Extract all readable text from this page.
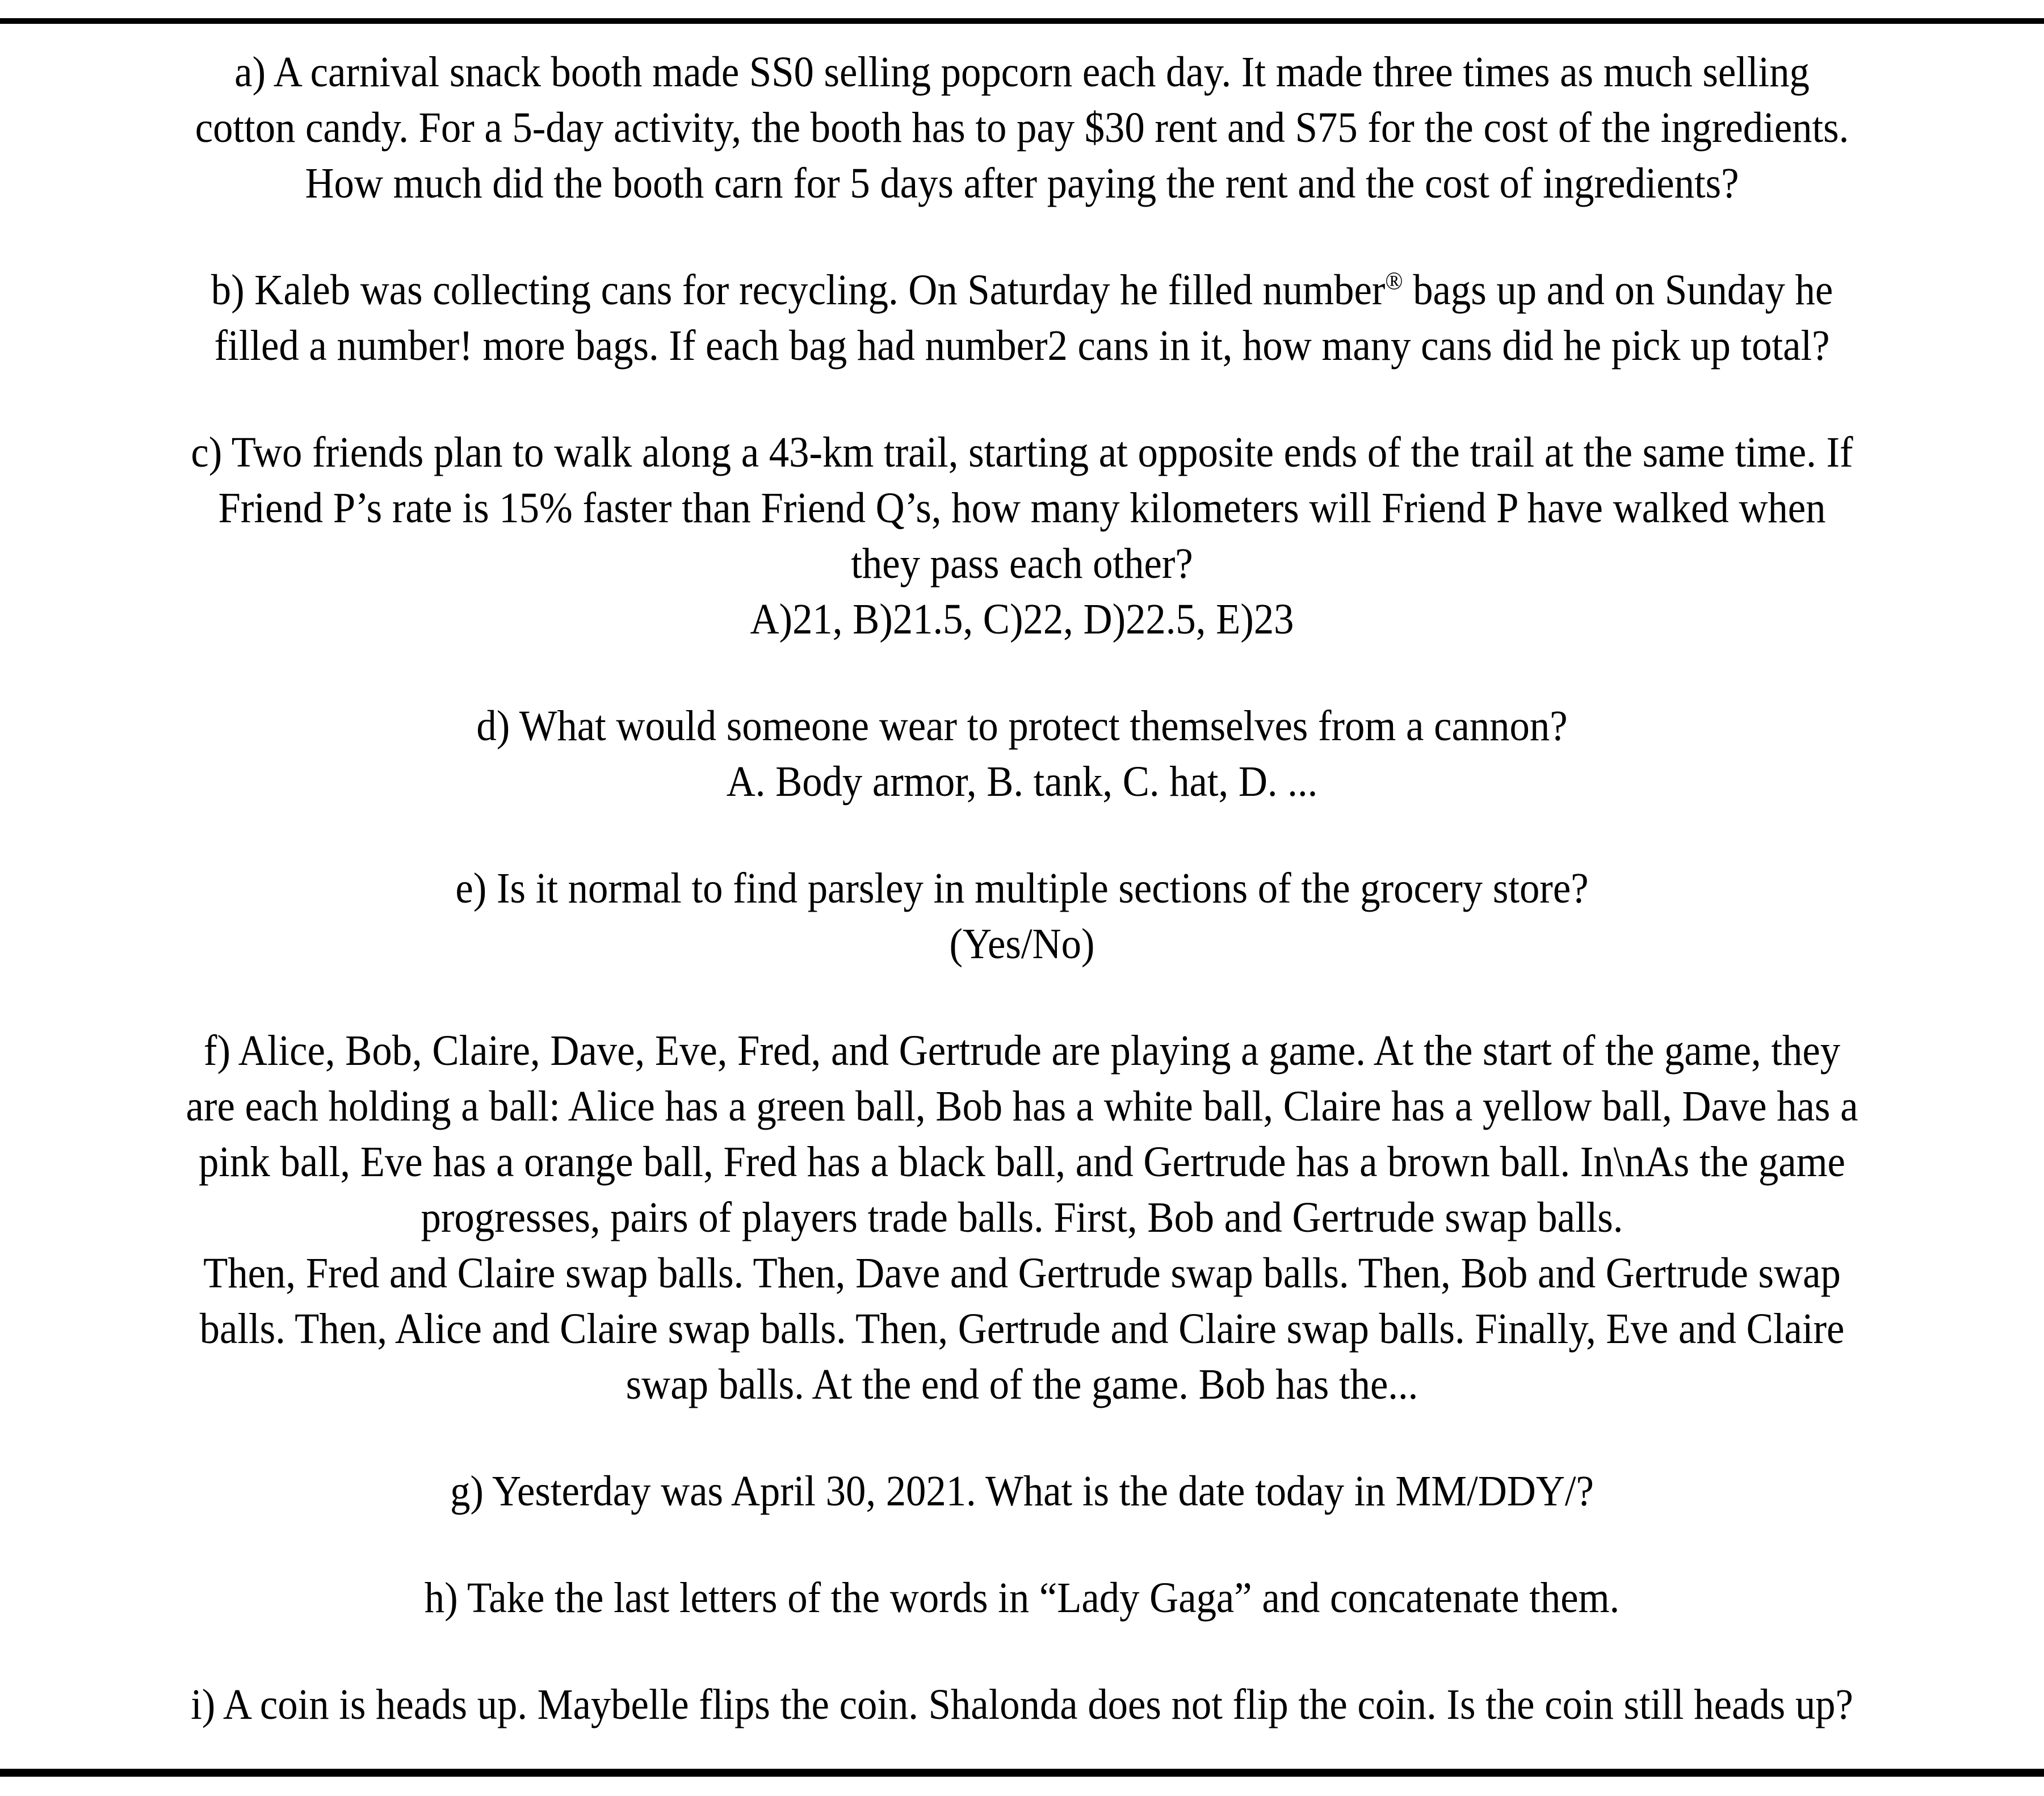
a) A carnival snack booth made SS0 selling popcorn each day. It made three times as much selling
cotton candy. For a 5-day activity, the booth has to pay $30 rent and S75 for the cost of the ingredients.
How much did the booth carn for 5 days after paying the rent and the cost of ingredients?
b) Kaleb was collecting cans for recycling. On Saturday he filled number® bags up and on Sunday he
filled a number! more bags. If each bag had number2 cans in it, how many cans did he pick up total?
c) Two friends plan to walk along a 43-km trail, starting at opposite ends of the trail at the same time. If
Friend P’s rate is 15% faster than Friend Q’s, how many kilometers will Friend P have walked when
they pass each other?
A)21, B)21.5, C)22, D)22.5, E)23
d) What would someone wear to protect themselves from a cannon?
A. Body armor, B. tank, C. hat, D. ...
e) Is it normal to find parsley in multiple sections of the grocery store?
(Yes/No)
f) Alice, Bob, Claire, Dave, Eve, Fred, and Gertrude are playing a game. At the start of the game, they
are each holding a ball: Alice has a green ball, Bob has a white ball, Claire has a yellow ball, Dave has a
pink ball, Eve has a orange ball, Fred has a black ball, and Gertrude has a brown ball. In\nAs the game
progresses, pairs of players trade balls. First, Bob and Gertrude swap balls.
Then, Fred and Claire swap balls. Then, Dave and Gertrude swap balls. Then, Bob and Gertrude swap
balls. Then, Alice and Claire swap balls. Then, Gertrude and Claire swap balls. Finally, Eve and Claire
swap balls. At the end of the game. Bob has the...
g) Yesterday was April 30, 2021. What is the date today in MM/DDY/?
h) Take the last letters of the words in “Lady Gaga” and concatenate them.
i) A coin is heads up. Maybelle flips the coin. Shalonda does not flip the coin. Is the coin still heads up?
